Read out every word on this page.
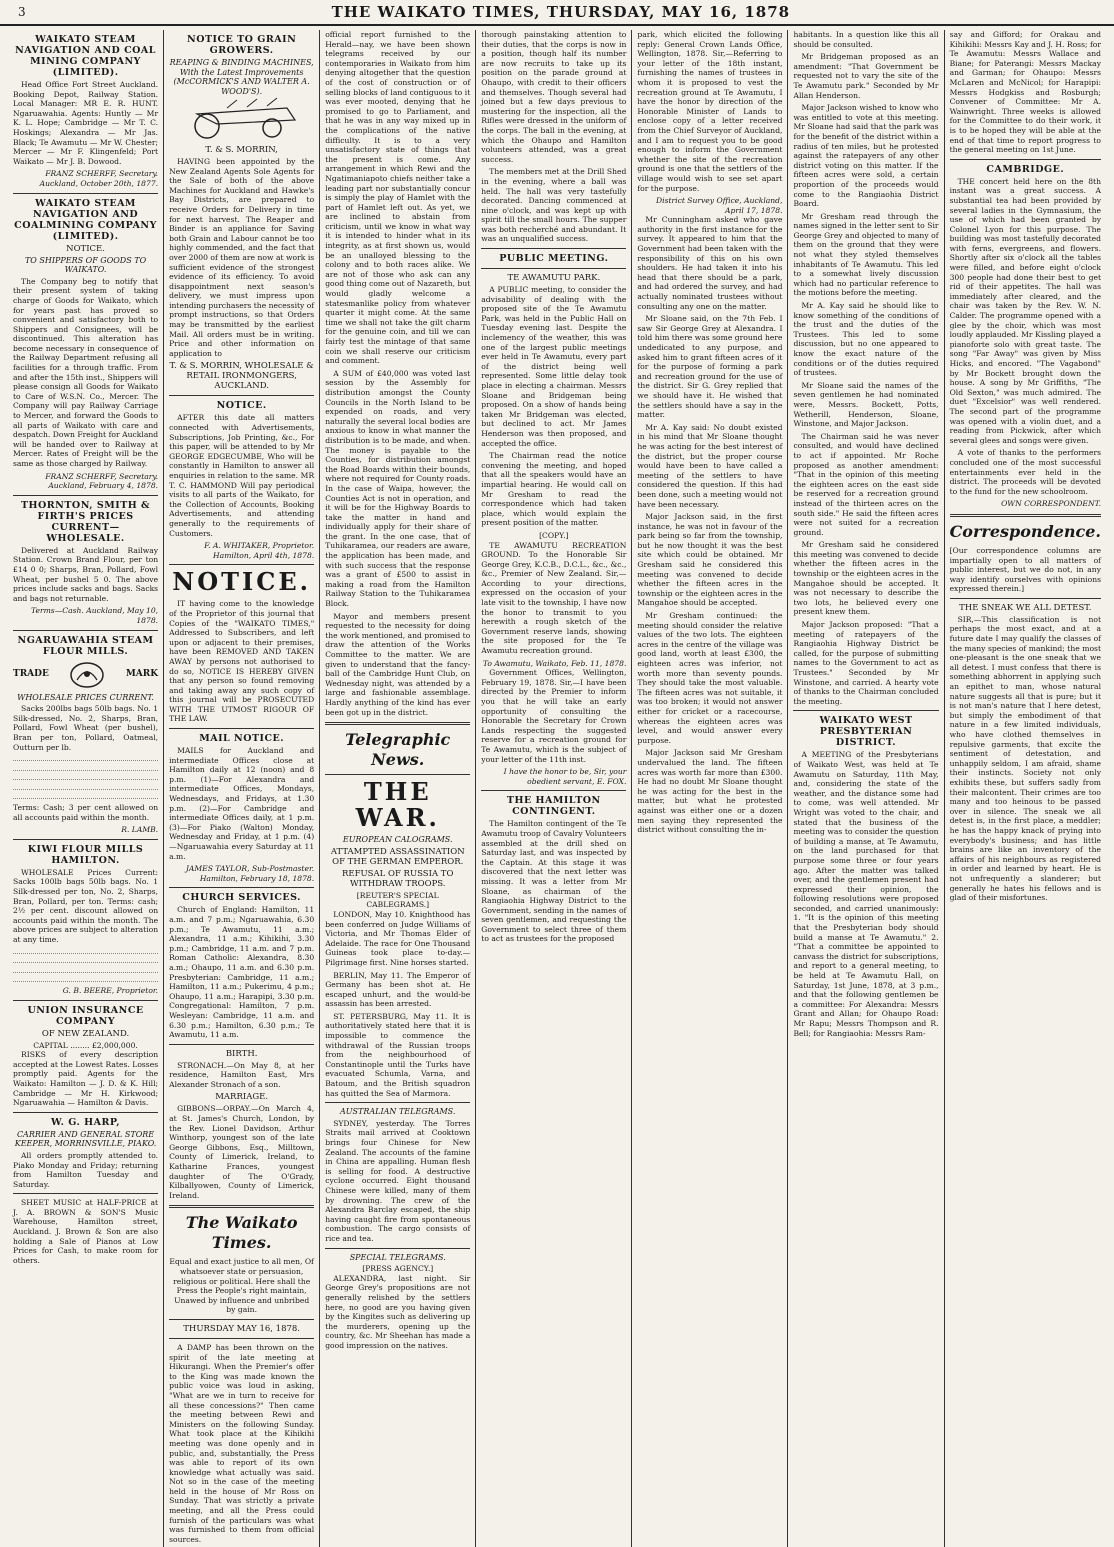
3	THE WAIKATO TIMES, THURSDAY, MAY 16, 1878
WAIKATO STEAM NAVIGATION AND COAL MINING COMPANY (LIMITED).

Head Office Fort Street Auckland. Booking Depot, Railway Station. Local Manager: MR E. R. HUNT. Ngaruawahia. Agents: Huntly — Mr K. L. Hope; Cambridge — Mr T. C. Hoskings; Alexandra — Mr Jas. Black; Te Awamutu — Mr W. Chester; Mercer — Mr F. Klingenfeld; Port Waikato — Mr J. B. Dowood.

FRANZ SCHERFF, Secretary. Auckland, October 20th, 1877.
WAIKATO STEAM NAVIGATION AND COALMINING COMPANY (LIMITED).
NOTICE.
TO SHIPPERS OF GOODS TO WAIKATO.

The Company beg to notify that their present system of taking charge of Goods for Waikato, which for years past has proved so convenient and satisfactory both to Shippers and Consignees, will be discontinued. This alteration has become necessary in consequence of the Railway Department refusing all facilities for a through traffic. From and after the 15th inst., Shippers will please consign all Goods for Waikato to Care of W.S.N. Co., Mercer. The Company will pay Railway Carriage to Mercer, and forward the Goods to all parts of Waikato with care and despatch. Down Freight for Auckland will be handed over to Railway at Mercer. Rates of Freight will be the same as those charged by Railway.

FRANZ SCHERFF, Secretary. Auckland, February 4, 1878.
THORNTON, SMITH & FIRTH'S PRICES CURRENT—WHOLESALE.

Delivered at Auckland Railway Station. Crown Brand Flour, per ton £14 0 0; Sharps, Bran, Pollard, Fowl Wheat, per bushel 5 0. The above prices include sacks and bags. Sacks and bags not returnable.

Terms—Cash. Auckland, May 10, 1878.
NGARUAWAHIA STEAM FLOUR MILLS.
TRADE	MARK
WHOLESALE PRICES CURRENT.

Sacks 200lbs bags 50lb bags. No. 1 Silk-dressed, No. 2, Sharps, Bran, Pollard, Fowl Wheat (per bushel), Bran per ton, Pollard, Oatmeal, Outturn per lb.

Terms: Cash; 3 per cent allowed on all accounts paid within the month.

R. LAMB.
KIWI FLOUR MILLS HAMILTON.

WHOLESALE Prices Current: Sacks 100lb bags 50lb bags. No. 1 Silk-dressed per ton, No. 2, Sharps, Bran, Pollard, per ton. Terms: cash; 2½ per cent. discount allowed on accounts paid within the month. The above prices are subject to alteration at any time.

G. B. BEERE, Proprietor.
UNION INSURANCE COMPANY
OF NEW ZEALAND.
CAPITAL ........ £2,000,000.

RISKS of every description accepted at the Lowest Rates. Losses promptly paid. Agents for the Waikato: Hamilton — J. D. & K. Hill; Cambridge — Mr H. Kirkwood; Ngaruawahia — Hamilton & Davis.

W. G. HARP,
CARRIER AND GENERAL STORE KEEPER, MORRINSVILLE, PIAKO.

All orders promptly attended to. Piako Monday and Friday; returning from Hamilton Tuesday and Saturday.

SHEET MUSIC at HALF-PRICE at J. A. BROWN & SON'S Music Warehouse, Hamilton street, Auckland. J. Brown & Son are also holding a Sale of Pianos at Low Prices for Cash, to make room for others.

NOTICE TO GRAIN GROWERS.
REAPING & BINDING MACHINES, With the Latest Improvements (McCORMICK'S AND WALTER A. WOOD'S).
T. & S. MORRIN,

HAVING been appointed by the New Zealand Agents Sole Agents for the Sale of both of the above Machines for Auckland and Hawke's Bay Districts, are prepared to receive Orders for Delivery in time for next harvest. The Reaper and Binder is an appliance for Saving both Grain and Labour cannot be too highly commended, and the fact that over 2000 of them are now at work is sufficient evidence of the strongest evidence of its efficiency. To avoid disappointment next season's delivery, we must impress upon intending purchasers the necessity of prompt instructions, so that Orders may be transmitted by the earliest Mail. All orders must be in writing. Price and other information on application to

T. & S. MORRIN, WHOLESALE & RETAIL IRONMONGERS, AUCKLAND.
NOTICE.

AFTER this date all matters connected with Advertisements, Subscriptions, Job Printing, &c., For this paper, will be attended to by Mr GEORGE EDGECUMBE, Who will be constantly in Hamilton to answer all enquiries in relation to the same. MR T. C. HAMMOND Will pay periodical visits to all parts of the Waikato, for the Collection of Accounts, Booking Advertisements, and attending generally to the requirements of Customers.

F. A. WHITAKER, Proprietor. Hamilton, April 4th, 1878.
NOTICE.

IT having come to the knowledge of the Proprietor of this journal that Copies of the "WAIKATO TIMES," Addressed to Subscribers, and left upon or adjacent to their premises, have been REMOVED AND TAKEN AWAY by persons not authorised to do so, NOTICE IS HEREBY GIVEN that any person so found removing and taking away any such copy of this journal will be PROSECUTED WITH THE UTMOST RIGOUR OF THE LAW.

MAIL NOTICE.

MAILS for Auckland and intermediate Offices close at Hamilton daily at 12 (noon) and 8 p.m. (1)—For Alexandra and intermediate Offices, Mondays, Wednesdays, and Fridays, at 1.30 p.m. (2)—For Cambridge and intermediate Offices daily, at 1 p.m. (3)—For Piako (Walton) Monday, Wednesday and Friday, at 1 p.m. (4)—Ngaruawahia every Saturday at 11 a.m.

JAMES TAYLOR, Sub-Postmaster. Hamilton, February 18, 1878.
CHURCH SERVICES.

Church of England: Hamilton, 11 a.m. and 7 p.m.; Ngaruawahia, 6.30 p.m.; Te Awamutu, 11 a.m.; Alexandra, 11 a.m.; Kihikihi, 3.30 p.m.; Cambridge, 11 a.m. and 7 p.m. Roman Catholic: Alexandra, 8.30 a.m.; Ohaupo, 11 a.m. and 6.30 p.m. Presbyterian: Cambridge, 11 a.m.; Hamilton, 11 a.m.; Pukerimu, 4 p.m.; Ohaupo, 11 a.m.; Harapipi, 3.30 p.m. Congregational: Hamilton, 7 p.m. Wesleyan: Cambridge, 11 a.m. and 6.30 p.m.; Hamilton, 6.30 p.m.; Te Awamutu, 11 a.m.

BIRTH.

STRONACH.—On May 8, at her residence, Hamilton East, Mrs Alexander Stronach of a son.

MARRIAGE.

GIBBONS—ORPAY.—On March 4, at St. James's Church, London, by the Rev. Lionel Davidson, Arthur Winthorp, youngest son of the late George Gibbons, Esq., Milltown, County of Limerick, Ireland, to Katharine Frances, youngest daughter of The O'Grady, Kilballyowen, County of Limerick, Ireland.

The Waikato Times.

Equal and exact justice to all men, Of whatsoever state or persuasion, religious or political. Here shall the Press the People's right maintain, Unawed by influence and unbribed by gain.

THURSDAY MAY 16, 1878.

A DAMP has been thrown on the spirit of the late meeting at Hikurangi. When the Premier's offer to the King was made known the public voice was loud in asking, "What are we in turn to receive for all these concessions?" Then came the meeting between Rewi and Ministers on the following Sunday. What took place at the Kihikihi meeting was done openly and in public, and, substantially, the Press was able to report of its own knowledge what actually was said. Not so in the case of the meeting held in the house of Mr Ross on Sunday. That was strictly a private meeting, and all the Press could furnish of the particulars was what was furnished to them from official sources.

official report furnished to the Herald—nay, we have been shown telegrams received by our contemporaries in Waikato from him denying altogether that the question of the cost of construction or of selling blocks of land contiguous to it was ever mooted, denying that he promised to go to Parliament, and that he was in any way mixed up in the complications of the native difficulty. It is to a very unsatisfactory state of things that the present is come. Any arrangement in which Rewi and the Ngatimaniapoto chiefs neither take a leading part nor substantially concur is simply the play of Hamlet with the part of Hamlet left out. As yet, we are inclined to abstain from criticism, until we know in what way it is intended to hinder what in its integrity, as at first shown us, would be an unalloyed blessing to the colony and to both races alike. We are not of those who ask can any good thing come out of Nazareth, but would gladly welcome a statesmanlike policy from whatever quarter it might come. At the same time we shall not take the gilt charm for the genuine coin, and till we can fairly test the mintage of that same coin we shall reserve our criticism and comment.

A SUM of £40,000 was voted last session by the Assembly for distribution amongst the County Councils in the North Island to be expended on roads, and very naturally the several local bodies are anxious to know in what manner the distribution is to be made, and when. The money is payable to the Counties, for distribution amongst the Road Boards within their bounds, where not required for County roads. In the case of Waipa, however, the Counties Act is not in operation, and it will be for the Highway Boards to take the matter in hand and individually apply for their share of the grant. In the one case, that of Tuhikaramea, our readers are aware, the application has been made, and with such success that the response was a grant of £500 to assist in making a road from the Hamilton Railway Station to the Tuhikaramea Block.

Mayor and members present requested to the necessity for doing the work mentioned, and promised to draw the attention of the Works Committee to the matter. We are given to understand that the fancy-ball of the Cambridge Hunt Club, on Wednesday night, was attended by a large and fashionable assemblage. Hardly anything of the kind has ever been got up in the district.

Telegraphic News.
THE WAR.
EUROPEAN CALOGRAMS.
ATTAMPTED ASSASSINATION OF THE GERMAN EMPEROR.
REFUSAL OF RUSSIA TO WITHDRAW TROOPS.
[REUTER'S SPECIAL CABLEGRAMS.]

LONDON, May 10. Knighthood has been conferred on Judge Williams of Victoria, and Mr Thomas Elder of Adelaide. The race for One Thousand Guineas took place to-day.—Pilgrimage first. Nine horses started.

BERLIN, May 11. The Emperor of Germany has been shot at. He escaped unhurt, and the would-be assassin has been arrested.

ST. PETERSBURG, May 11. It is authoritatively stated here that it is impossible to commence the withdrawal of the Russian troops from the neighbourhood of Constantinople until the Turks have evacuated Schumla, Varna, and Batoum, and the British squadron has quitted the Sea of Marmora.

AUSTRALIAN TELEGRAMS.

SYDNEY, yesterday. The Torres Straits mail arrived at Cooktown brings four Chinese for New Zealand. The accounts of the famine in China are appalling. Human flesh is selling for food. A destructive cyclone occurred. Eight thousand Chinese were killed, many of them by drowning. The crew of the Alexandra Barclay escaped, the ship having caught fire from spontaneous combustion. The cargo consists of rice and tea.

SPECIAL TELEGRAMS.
[PRESS AGENCY.]

ALEXANDRA, last night. Sir George Grey's propositions are not generally relished by the settlers here, no good are you having given by the Kingites such as delivering up the murderers, opening up the country, &c. Mr Sheehan has made a good impression on the natives.

thorough painstaking attention to their duties, that the corps is now in a position, though half its number are now recruits to take up its position on the parade ground at Ohaupo, with credit to their officers and themselves. Though several had joined but a few days previous to mustering for the inspection, all the Rifles were dressed in the uniform of the corps. The ball in the evening, at which the Ohaupo and Hamilton volunteers attended, was a great success.

The members met at the Drill Shed in the evening, where a ball was held. The hall was very tastefully decorated. Dancing commenced at nine o'clock, and was kept up with spirit till the small hours. The supper was both recherché and abundant. It was an unqualified success.

PUBLIC MEETING.
TE AWAMUTU PARK.

A PUBLIC meeting, to consider the advisability of dealing with the proposed site of the Te Awamutu Park, was held in the Public Hall on Tuesday evening last. Despite the inclemency of the weather, this was one of the largest public meetings ever held in Te Awamutu, every part of the district being well represented. Some little delay took place in electing a chairman. Messrs Sloane and Bridgeman being proposed. On a show of hands being taken Mr Bridgeman was elected, but declined to act. Mr James Henderson was then proposed, and accepted the office.

The Chairman read the notice convening the meeting, and hoped that all the speakers would have an impartial hearing. He would call on Mr Gresham to read the correspondence which had taken place, which would explain the present position of the matter.

[COPY.]

TE AWAMUTU RECREATION GROUND. To the Honorable Sir George Grey, K.C.B., D.C.L., &c., &c., &c., Premier of New Zealand. Sir,—According to your directions, expressed on the occasion of your late visit to the township, I have now the honor to transmit to you herewith a rough sketch of the Government reserve lands, showing the site proposed for the Te Awamutu recreation ground.

To Awamutu, Waikato, Feb. 11, 1878.

Government Offices, Wellington, February 19, 1878. Sir,—I have been directed by the Premier to inform you that he will take an early opportunity of consulting the Honorable the Secretary for Crown Lands respecting the suggested reserve for a recreation ground for Te Awamutu, which is the subject of your letter of the 11th inst.

I have the honor to be, Sir, your obedient servant, E. FOX.
THE HAMILTON CONTINGENT.

The Hamilton contingent of the Te Awamutu troop of Cavalry Volunteers assembled at the drill shed on Saturday last, and was inspected by the Captain. At this stage it was discovered that the next letter was missing. It was a letter from Mr Sloane, as chairman of the Rangiaohia Highway District to the Government, sending in the names of seven gentlemen, and requesting the Government to select three of them to act as trustees for the proposed

park, which elicited the following reply: General Crown Lands Office, Wellington, 1878. Sir,—Referring to your letter of the 18th instant, furnishing the names of trustees in whom it is proposed to vest the recreation ground at Te Awamutu, I have the honor by direction of the Honorable Minister of Lands to enclose copy of a letter received from the Chief Surveyor of Auckland, and I am to request you to be good enough to inform the Government whether the site of the recreation ground is one that the settlers of the village would wish to see set apart for the purpose.

District Survey Office, Auckland, April 17, 1878.

Mr Cunningham asked who gave authority in the first instance for the survey. It appeared to him that the Government had been taken with the responsibility of this on his own shoulders. He had taken it into his head that there should be a park, and had ordered the survey, and had actually nominated trustees without consulting any one on the matter.

Mr Sloane said, on the 7th Feb. I saw Sir George Grey at Alexandra. I told him there was some ground here undedicated to any purpose, and asked him to grant fifteen acres of it for the purpose of forming a park and recreation ground for the use of the district. Sir G. Grey replied that we should have it. He wished that the settlers should have a say in the matter.

Mr A. Kay said: No doubt existed in his mind that Mr Sloane thought he was acting for the best interest of the district, but the proper course would have been to have called a meeting of the settlers to have considered the question. If this had been done, such a meeting would not have been necessary.

Major Jackson said, in the first instance, he was not in favour of the park being so far from the township, but he now thought it was the best site which could be obtained. Mr Gresham said he considered this meeting was convened to decide whether the fifteen acres in the township or the eighteen acres in the Mangahoe should be accepted.

Mr Gresham continued: the meeting should consider the relative values of the two lots. The eighteen acres in the centre of the village was good land, worth at least £300, the eighteen acres was inferior, not worth more than seventy pounds. They should take the most valuable. The fifteen acres was not suitable, it was too broken; it would not answer either for cricket or a racecourse, whereas the eighteen acres was level, and would answer every purpose.

Major Jackson said Mr Gresham undervalued the land. The fifteen acres was worth far more than £300. He had no doubt Mr Sloane thought he was acting for the best in the matter, but what he protested against was either one or a dozen men saying they represented the district without consulting the in-

habitants. In a question like this all should be consulted.

Mr Bridgeman proposed as an amendment: "That Government be requested not to vary the site of the Te Awamutu park." Seconded by Mr Allan Henderson.

Major Jackson wished to know who was entitled to vote at this meeting. Mr Sloane had said that the park was for the benefit of the district within a radius of ten miles, but he protested against the ratepayers of any other district voting on this matter. If the fifteen acres were sold, a certain proportion of the proceeds would come to the Rangiaohia District Board.

Mr Gresham read through the names signed in the letter sent to Sir George Grey and objected to many of them on the ground that they were not what they styled themselves inhabitants of Te Awamutu. This led to a somewhat lively discussion which had no particular reference to the motions before the meeting.

Mr A. Kay said he should like to know something of the conditions of the trust and the duties of the Trustees. This led to some discussion, but no one appeared to know the exact nature of the conditions or of the duties required of trustees.

Mr Sloane said the names of the seven gentlemen he had nominated were, Messrs. Bockett, Potts, Wetherill, Henderson, Sloane, Winstone, and Major Jackson.

The Chairman said he was never consulted, and would have declined to act if appointed. Mr Roche proposed as another amendment: "That in the opinion of this meeting the eighteen acres on the east side be reserved for a recreation ground instead of the thirteen acres on the south side." He said the fifteen acres were not suited for a recreation ground.

Mr Gresham said he considered this meeting was convened to decide whether the fifteen acres in the township or the eighteen acres in the Mangahoe should be accepted. It was not necessary to describe the two lots, he believed every one present knew them.

Major Jackson proposed: "That a meeting of ratepayers of the Rangiaohia Highway District be called, for the purpose of submitting names to the Government to act as Trustees." Seconded by Mr Winstone, and carried. A hearty vote of thanks to the Chairman concluded the meeting.

WAIKATO WEST PRESBYTERIAN DISTRICT.

A MEETING of the Presbyterians of Waikato West, was held at Te Awamutu on Saturday, 11th May, and, considering the state of the weather, and the distance some had to come, was well attended. Mr Wright was voted to the chair, and stated that the business of the meeting was to consider the question of building a manse, at Te Awamutu, on the land purchased for that purpose some three or four years ago. After the matter was talked over, and the gentlemen present had expressed their opinion, the following resolutions were proposed seconded, and carried unanimously: 1. "It is the opinion of this meeting that the Presbyterian body should build a manse at Te Awamutu." 2. "That a committee be appointed to canvass the district for subscriptions, and report to a general meeting, to be held at Te Awamutu Hall, on Saturday, 1st June, 1878, at 3 p.m., and that the following gentlemen be a committee: For Alexandra: Messrs Grant and Allan; for Ohaupo Road: Mr Rapu; Messrs Thompson and R. Bell; for Rangiaohia: Messrs Ram-

say and Gifford; for Orakau and Kihikihi: Messrs Kay and J. H. Ross; for Te Awamutu: Messrs Wallace and Biane; for Paterangi: Messrs Mackay and Garman; for Ohaupo: Messrs McLaren and McNicol; for Harapipi: Messrs Hodgkiss and Rosburgh; Convener of Committee: Mr A. Wainwright. Three weeks is allowed for the Committee to do their work, it is to be hoped they will be able at the end of that time to report progress to the general meeting on 1st June.

CAMBRIDGE.

THE concert held here on the 8th instant was a great success. A substantial tea had been provided by several ladies in the Gymnasium, the use of which had been granted by Colonel Lyon for this purpose. The building was most tastefully decorated with ferns, evergreens, and flowers. Shortly after six o'clock all the tables were filled, and before eight o'clock 300 people had done their best to get rid of their appetites. The hall was immediately after cleared, and the chair was taken by the Rev. W. N. Calder. The programme opened with a glee by the choir, which was most loudly applauded. Mr Kissling played a pianoforte solo with great taste. The song "Far Away" was given by Miss Hicks, and encored. "The Vagabond" by Mr Bockett brought down the house. A song by Mr Griffiths, "The Old Sexton," was much admired. The duet "Excelsior" was well rendered. The second part of the programme was opened with a violin duet, and a reading from Pickwick, after which several glees and songs were given.

A vote of thanks to the performers concluded one of the most successful entertainments ever held in the district. The proceeds will be devoted to the fund for the new schoolroom.

OWN CORRESPONDENT.
Correspondence.

[Our correspondence columns are impartially open to all matters of public interest, but we do not, in any way identify ourselves with opinions expressed therein.]

THE SNEAK WE ALL DETEST.

SIR,—This classification is not perhaps the most exact, and at a future date I may qualify the classes of the many species of mankind; the most one-pleasant is the one sneak that we all detest. I must confess that there is something abhorrent in applying such an epithet to man, whose natural nature suggests all that is pure; but it is not man's nature that I here detest, but simply the embodiment of that nature in a few limited individuals, who have clothed themselves in repulsive garments, that excite the sentiment of detestation, and unhappily seldom, I am afraid, shame their instincts. Society not only exhibits these, but suffers sadly from their malcontent. Their crimes are too many and too heinous to be passed over in silence. The sneak we all detest is, in the first place, a meddler; he has the happy knack of prying into everybody's business; and has little brains are like an inventory of the affairs of his neighbours as registered in order and learned by heart. He is not unfrequently a slanderer; but generally he hates his fellows and is glad of their misfortunes.
